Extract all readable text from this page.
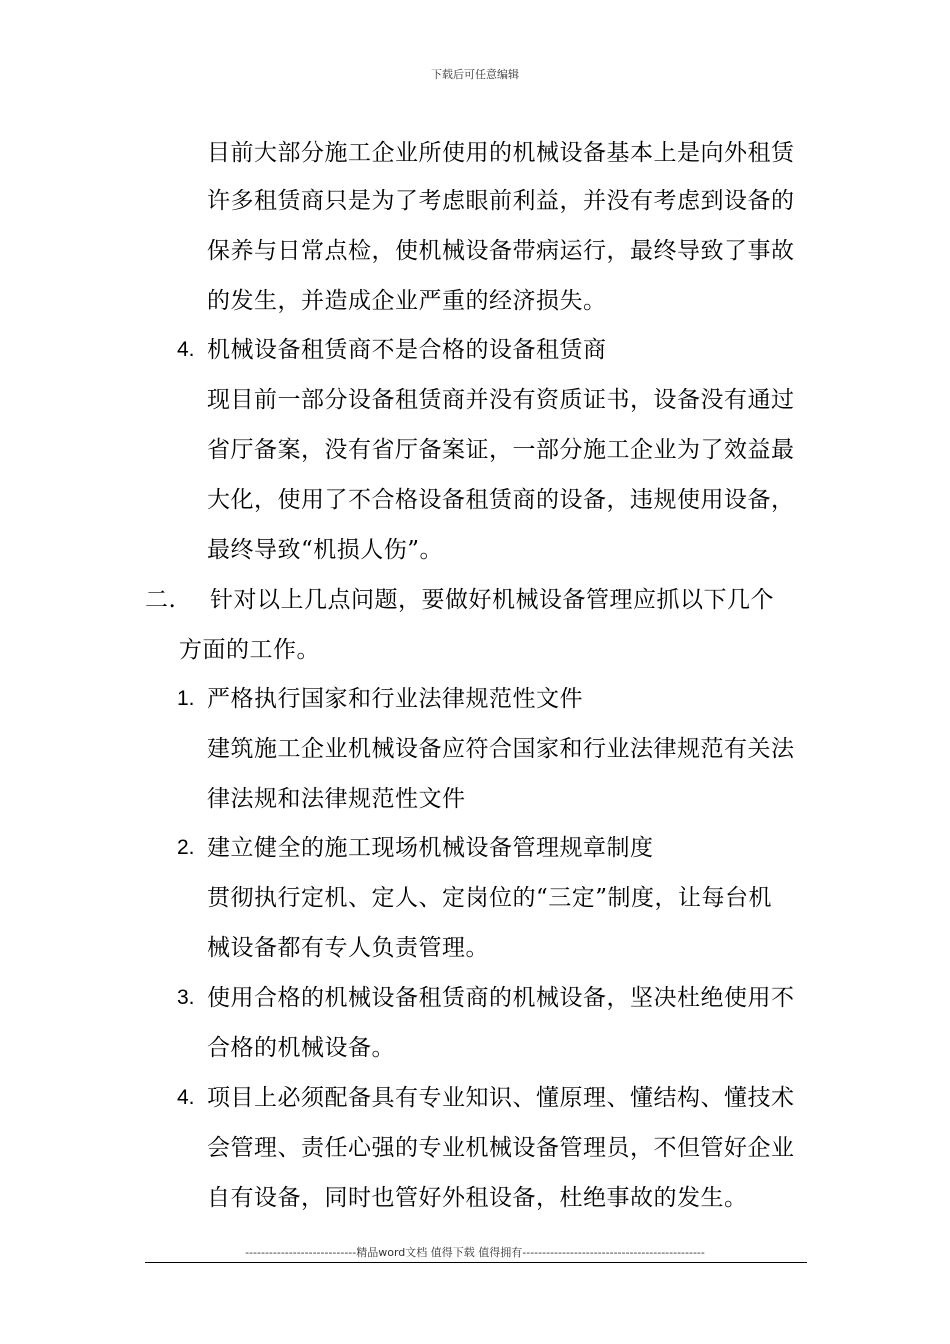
下载后可任意编辑
目前大部分施工企业所使用的机械设备基本上是向外租赁
许多租赁商只是为了考虑眼前利益，并没有考虑到设备的
保养与日常点检，使机械设备带病运行，最终导致了事故
的发生，并造成企业严重的经济损失。
4. 机械设备租赁商不是合格的设备租赁商
现目前一部分设备租赁商并没有资质证书，设备没有通过
省厅备案，没有省厅备案证，一部分施工企业为了效益最
大化，使用了不合格设备租赁商的设备，违规使用设备，
最终导致“机损人伤”。
二. 针对以上几点问题，要做好机械设备管理应抓以下几个
方面的工作。
1. 严格执行国家和行业法律规范性文件
建筑施工企业机械设备应符合国家和行业法律规范有关法
律法规和法律规范性文件
2. 建立健全的施工现场机械设备管理规章制度
贯彻执行定机、定人、定岗位的“三定”制度，让每台机
械设备都有专人负责管理。
3. 使用合格的机械设备租赁商的机械设备，坚决杜绝使用不
合格的机械设备。
4. 项目上必须配备具有专业知识、懂原理、懂结构、懂技术
会管理、责任心强的专业机械设备管理员，不但管好企业
自有设备，同时也管好外租设备，杜绝事故的发生。
----------------------------精品word文档 值得下载 值得拥有----------------------------------------------
